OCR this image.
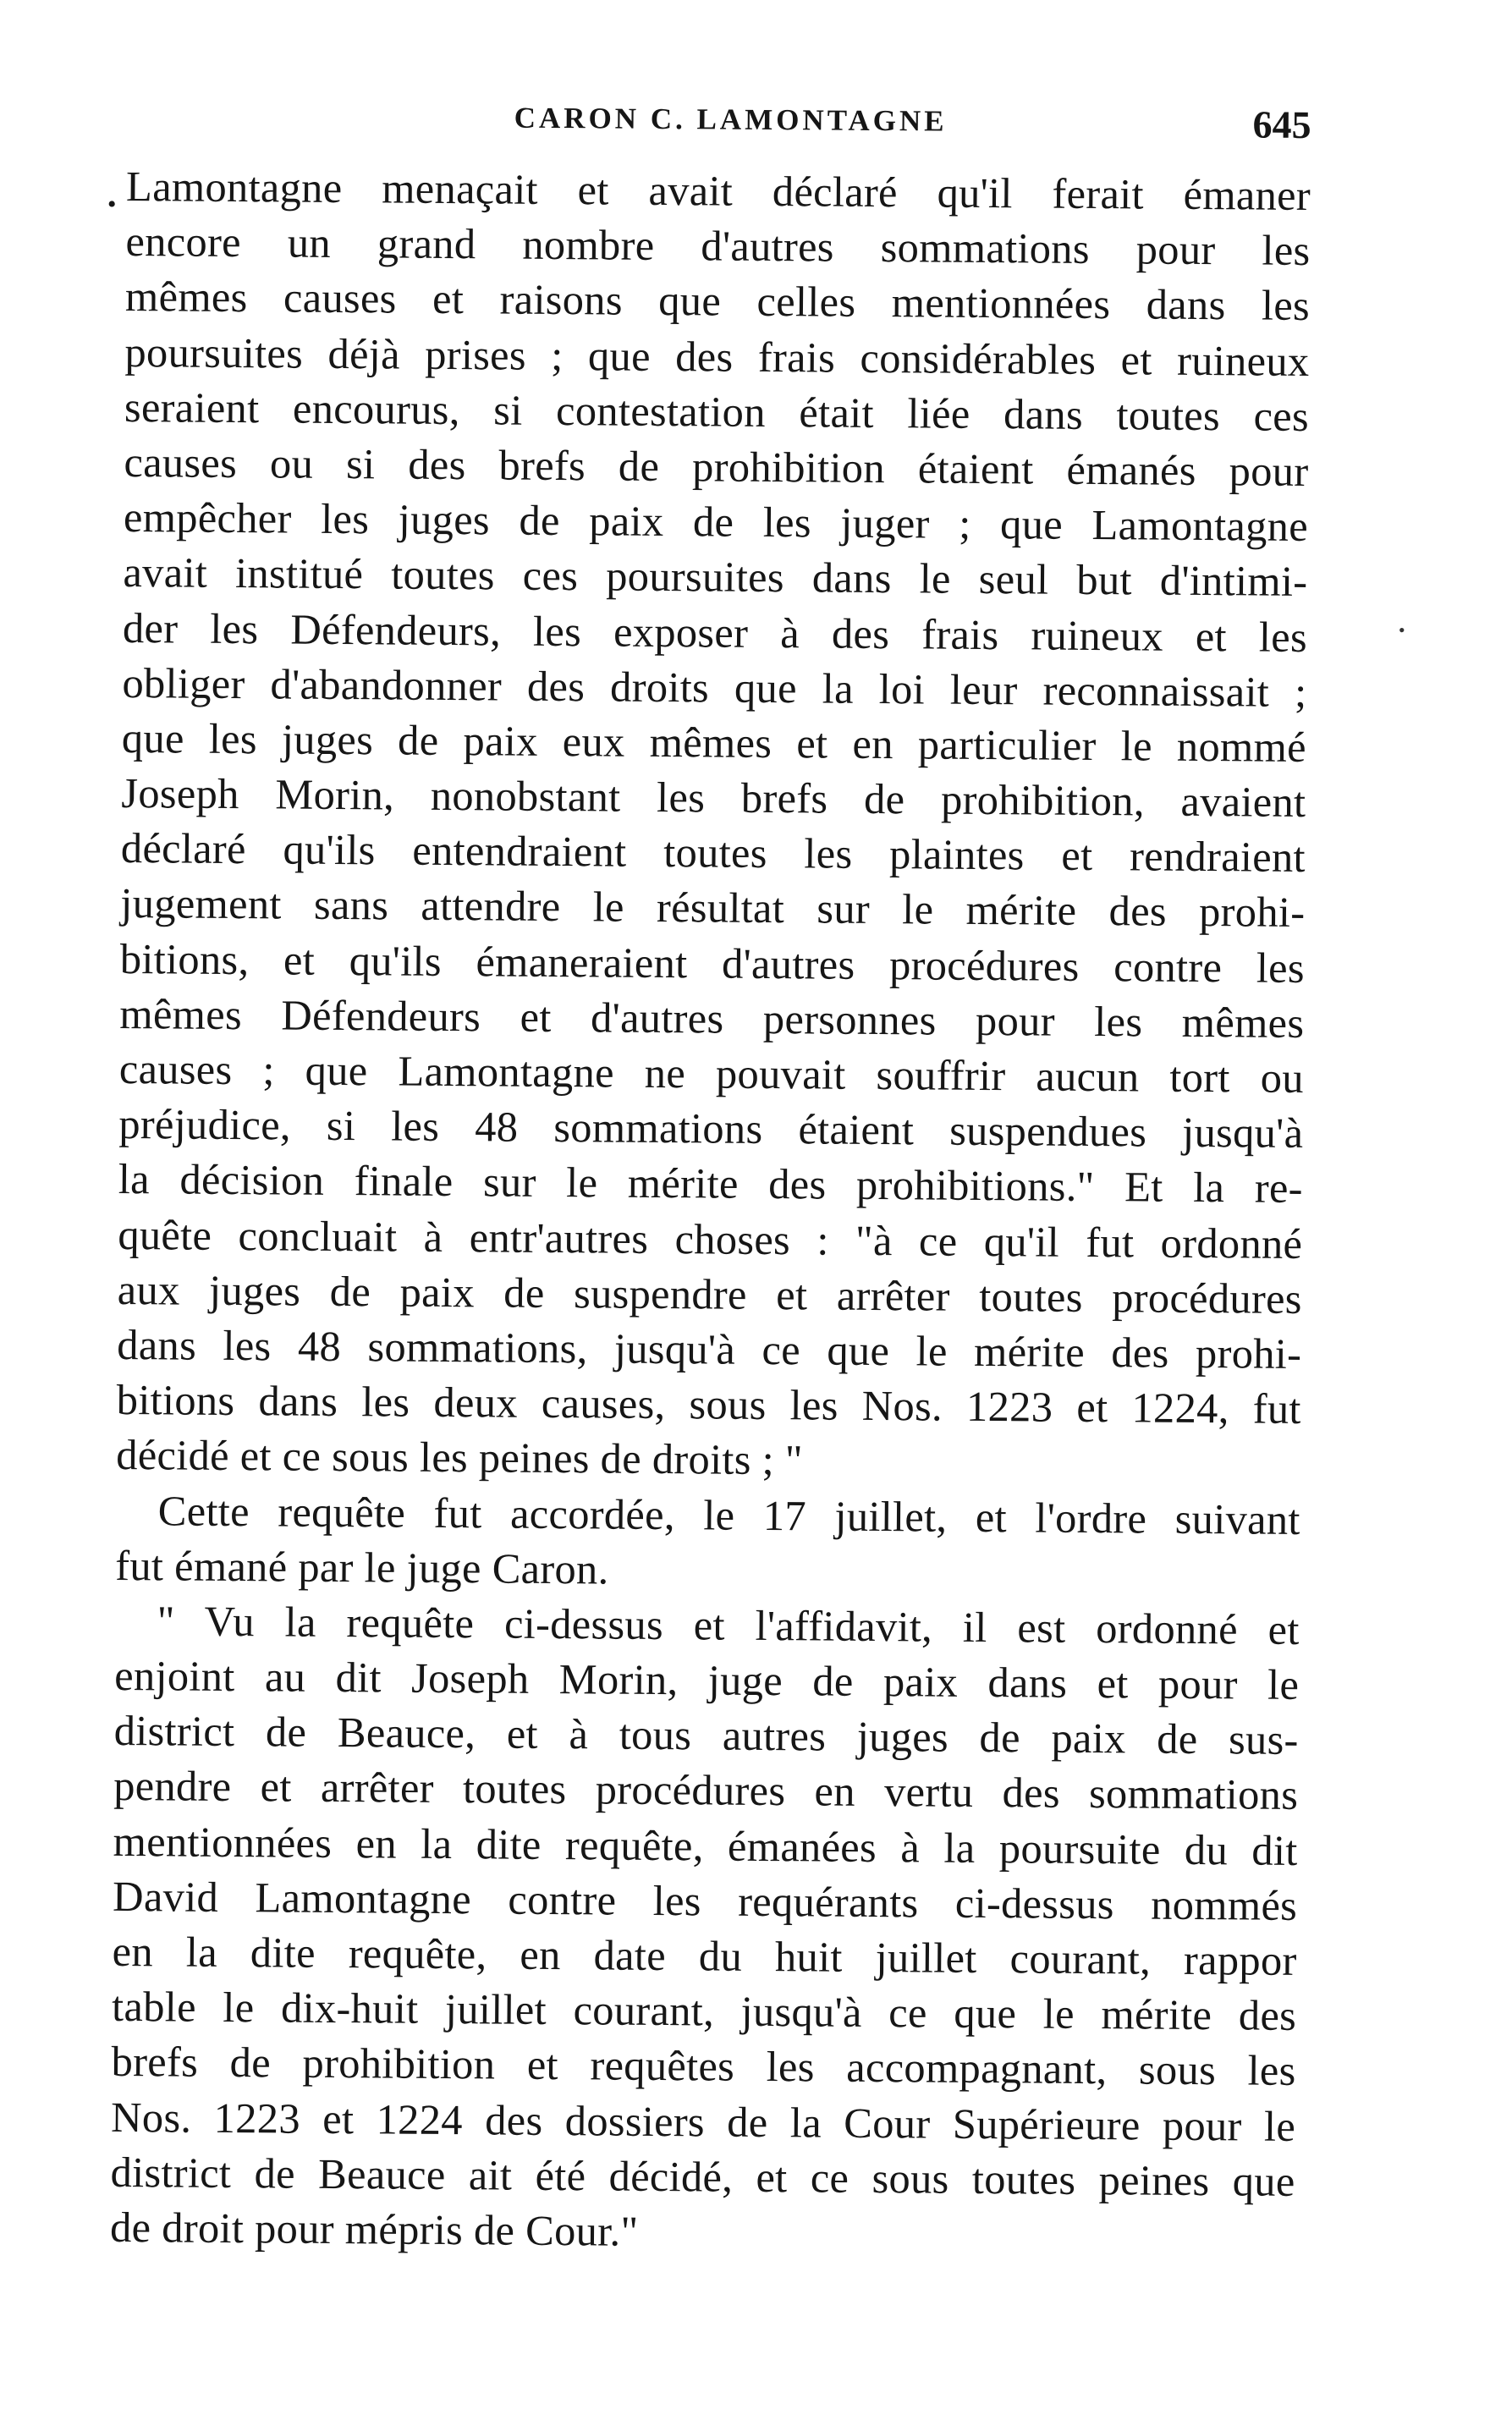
CARON C. LAMONTAGNE	645
•
•
Lamontagne menaçait et avait déclaré qu'il ferait émaner
encore un grand nombre d'autres sommations pour les
mêmes causes et raisons que celles mentionnées dans les
poursuites déjà prises ; que des frais considérables et ruineux
seraient encourus, si contestation était liée dans toutes ces
causes ou si des brefs de prohibition étaient émanés pour
empêcher les juges de paix de les juger ; que Lamontagne
avait institué toutes ces poursuites dans le seul but d'intimi-
der les Défendeurs, les exposer à des frais ruineux et les
obliger d'abandonner des droits que la loi leur reconnaissait ;
que les juges de paix eux mêmes et en particulier le nommé
Joseph Morin, nonobstant les brefs de prohibition, avaient
déclaré qu'ils entendraient toutes les plaintes et rendraient
jugement sans attendre le résultat sur le mérite des prohi-
bitions, et qu'ils émaneraient d'autres procédures contre les
mêmes Défendeurs et d'autres personnes pour les mêmes
causes ; que Lamontagne ne pouvait souffrir aucun tort ou
préjudice, si les 48 sommations étaient suspendues jusqu'à
la décision finale sur le mérite des prohibitions." Et la re-
quête concluait à entr'autres choses : "à ce qu'il fut ordonné
aux juges de paix de suspendre et arrêter toutes procédures
dans les 48 sommations, jusqu'à ce que le mérite des prohi-
bitions dans les deux causes, sous les Nos. 1223 et 1224, fut
décidé et ce sous les peines de droits ; "
Cette requête fut accordée, le 17 juillet, et l'ordre suivant
fut émané par le juge Caron.
" Vu la requête ci-dessus et l'affidavit, il est ordonné et
enjoint au dit Joseph Morin, juge de paix dans et pour le
district de Beauce, et à tous autres juges de paix de sus-
pendre et arrêter toutes procédures en vertu des sommations
mentionnées en la dite requête, émanées à la poursuite du dit
David Lamontagne contre les requérants ci-dessus nommés
en la dite requête, en date du huit juillet courant, rappor
table le dix-huit juillet courant, jusqu'à ce que le mérite des
brefs de prohibition et requêtes les accompagnant, sous les
Nos. 1223 et 1224 des dossiers de la Cour Supérieure pour le
district de Beauce ait été décidé, et ce sous toutes peines que
de droit pour mépris de Cour."
